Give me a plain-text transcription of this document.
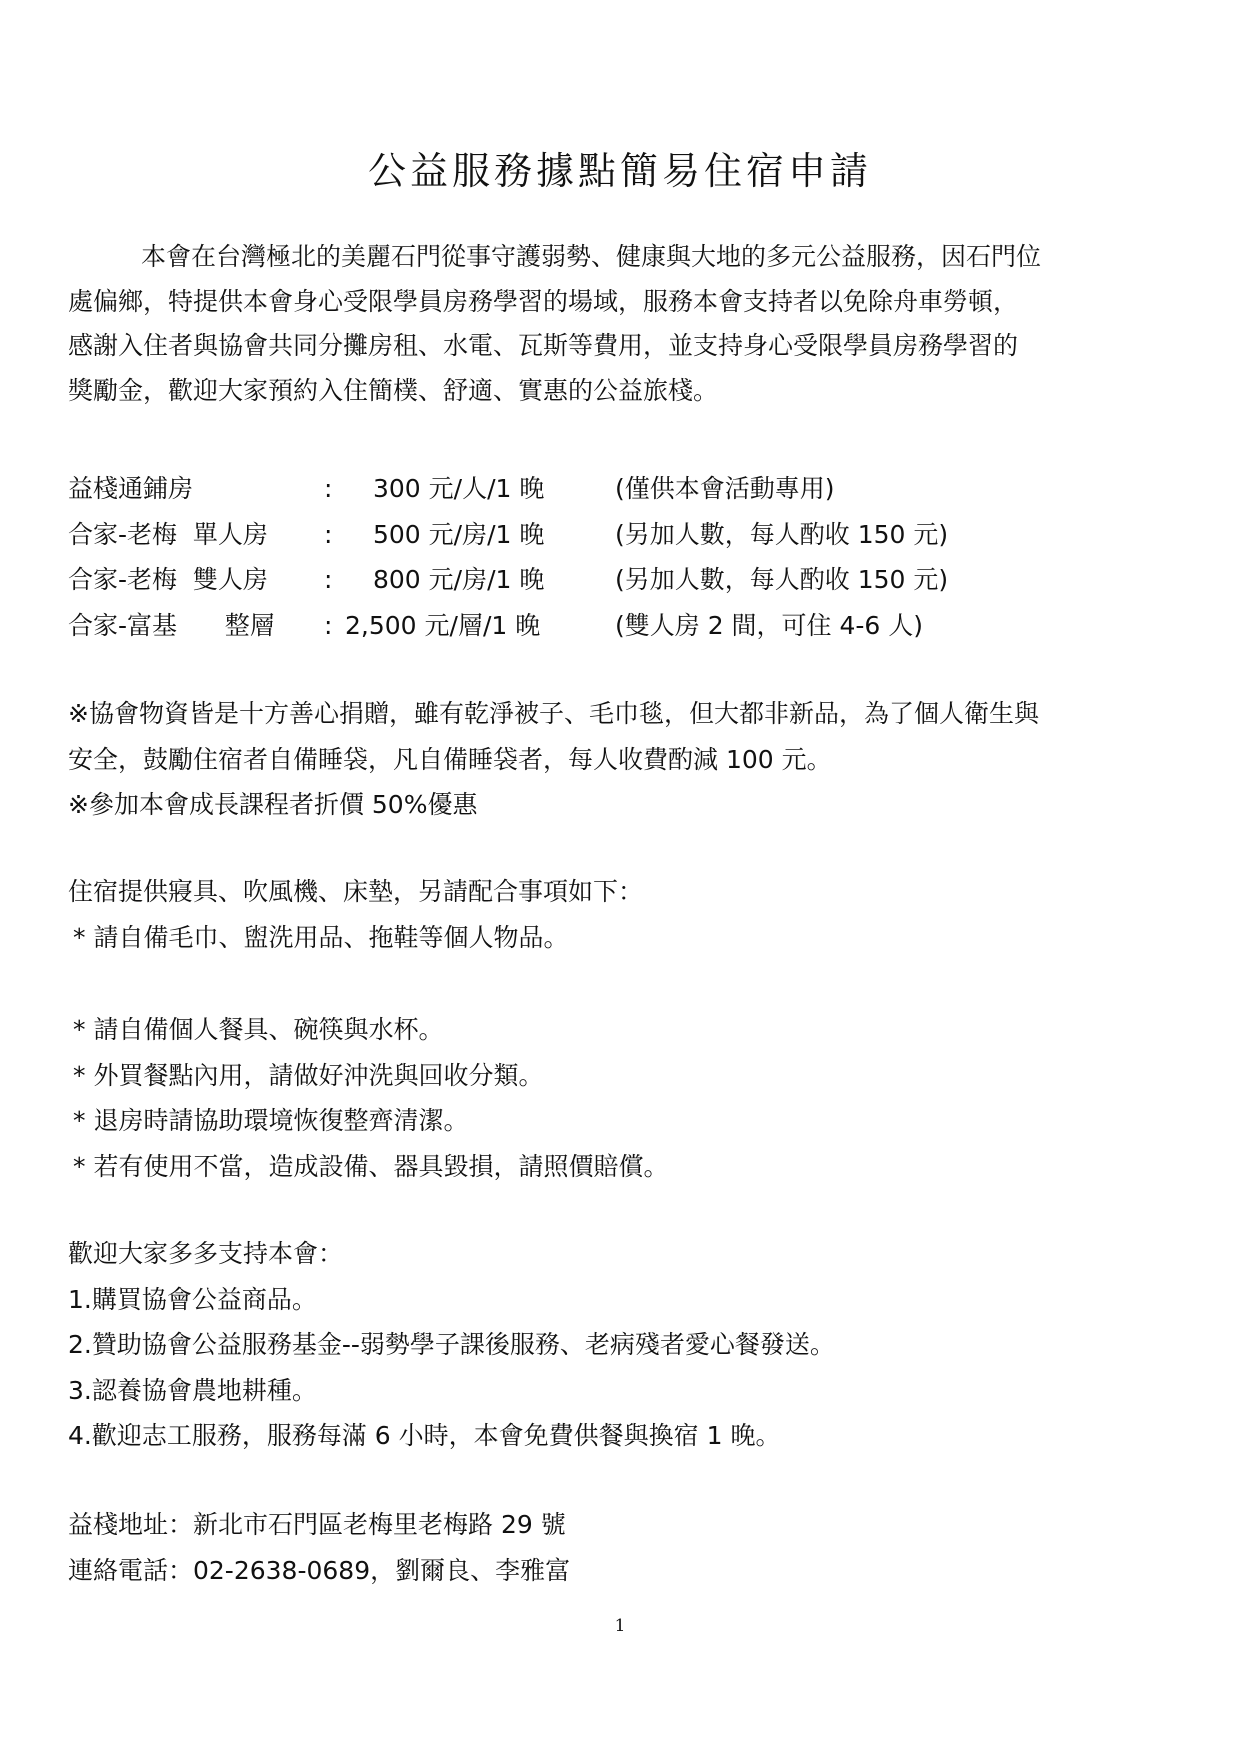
公益服務據點簡易住宿申請

本會在台灣極北的美麗石門從事守護弱勢、健康與大地的多元公益服務，因石門位
處偏鄉，特提供本會身心受限學員房務學習的場域，服務本會支持者以免除舟車勞頓，
感謝入住者與協會共同分攤房租、水電、瓦斯等費用，並支持身心受限學員房務學習的
獎勵金，歡迎大家預約入住簡樸、舒適、實惠的公益旅棧。

益棧通鋪房	: 300 元/人/1 晚	(僅供本會活動專用)
合家-老梅  單人房 : 500 元/房/1 晚	(另加人數，每人酌收 150 元)
合家-老梅  雙人房 : 800 元/房/1 晚	(另加人數，每人酌收 150 元)
合家-富基      整層 : 2,500 元/層/1 晚	(雙人房 2 間，可住 4-6 人)
※協會物資皆是十方善心捐贈，雖有乾淨被子、毛巾毯，但大都非新品，為了個人衛生與
安全，鼓勵住宿者自備睡袋，凡自備睡袋者，每人收費酌減 100 元。
※參加本會成長課程者折價 50%優惠
住宿提供寢具、吹風機、床墊，另請配合事項如下：
* 請自備毛巾、盥洗用品、拖鞋等個人物品。
* 請自備個人餐具、碗筷與水杯。
* 外買餐點內用，請做好沖洗與回收分類。
* 退房時請協助環境恢復整齊清潔。
* 若有使用不當，造成設備、器具毀損，請照價賠償。
歡迎大家多多支持本會：
1.購買協會公益商品。
2.贊助協會公益服務基金--弱勢學子課後服務、老病殘者愛心餐發送。
3.認養協會農地耕種。
4.歡迎志工服務，服務每滿 6 小時，本會免費供餐與換宿 1 晚。
益棧地址：新北市石門區老梅里老梅路 29 號
連絡電話：02-2638-0689，劉爾良、李雅富
1
